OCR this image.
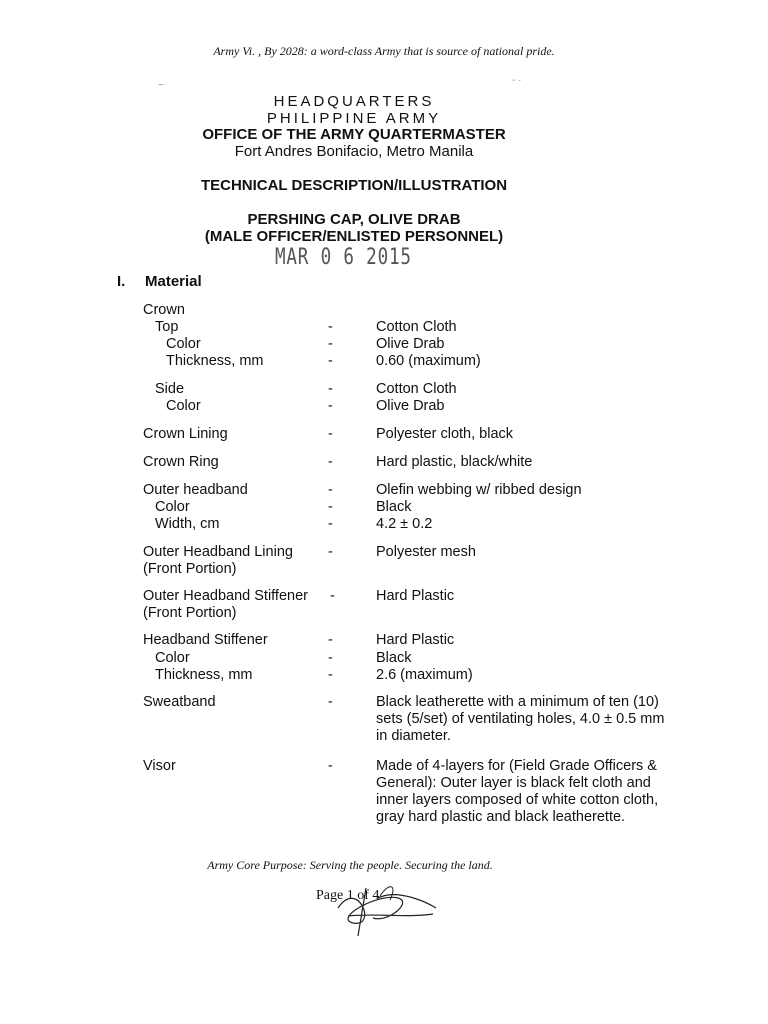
Army Vi. , By 2028: a word-class Army that is source of national pride.
~
HEADQUARTERS
PHILIPPINE ARMY
OFFICE OF THE ARMY QUARTERMASTER
Fort Andres Bonifacio, Metro Manila
TECHNICAL DESCRIPTION/ILLUSTRATION
PERSHING CAP, OLIVE DRAB
(MALE OFFICER/ENLISTED PERSONNEL)
MAR 0 6 2015
I. Material
Crown
Top	-	Cotton Cloth
Color	-	Olive Drab
Thickness, mm	-	0.60 (maximum)
Side	-	Cotton Cloth
Color	-	Olive Drab
Crown Lining	-	Polyester cloth, black
Crown Ring	-	Hard plastic, black/white
Outer headband	-	Olefin webbing w/ ribbed design
Color	-	Black
Width, cm	-	4.2 ± 0.2
Outer Headband Lining -	Polyester mesh
(Front Portion)
Outer Headband Stiffener -	Hard Plastic
(Front Portion)
Headband Stiffener	-	Hard Plastic
Color	-	Black
Thickness, mm	-	2.6 (maximum)
Sweatband	-	Black leatherette with a minimum of ten (10) sets (5/set) of ventilating holes, 4.0 ± 0.5 mm in diameter.
Visor	-	Made of 4-layers for (Field Grade Officers & General): Outer layer is black felt cloth and inner layers composed of white cotton cloth, gray hard plastic and black leatherette.
Army Core Purpose: Serving the people. Securing the land.
Page 1 of 4
- ·
